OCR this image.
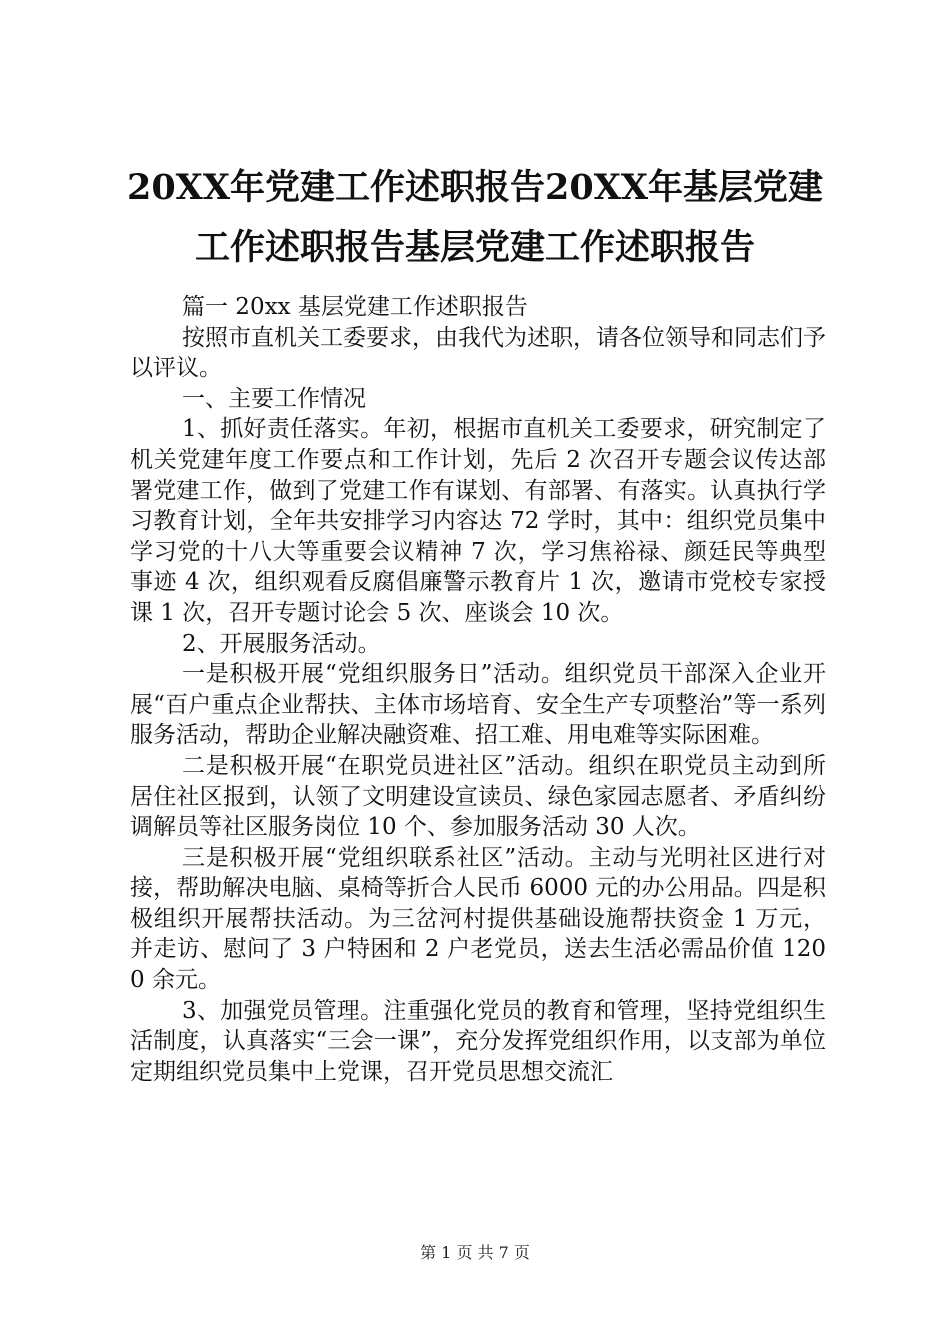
20XX年党建工作述职报告20XX年基层党建工作述职报告基层党建工作述职报告

篇一 20xx 基层党建工作述职报告

按照市直机关工委要求，由我代为述职，请各位领导和同志们予以评议。

一、主要工作情况

1、抓好责任落实。年初，根据市直机关工委要求，研究制定了机关党建年度工作要点和工作计划，先后 2 次召开专题会议传达部署党建工作，做到了党建工作有谋划、有部署、有落实。认真执行学习教育计划，全年共安排学习内容达 72 学时，其中：组织党员集中学习党的十八大等重要会议精神 7 次，学习焦裕禄、颜廷民等典型事迹 4 次，组织观看反腐倡廉警示教育片 1 次，邀请市党校专家授课 1 次，召开专题讨论会 5 次、座谈会 10 次。

2、开展服务活动。

一是积极开展“党组织服务日”活动。组织党员干部深入企业开展“百户重点企业帮扶、主体市场培育、安全生产专项整治”等一系列服务活动，帮助企业解决融资难、招工难、用电难等实际困难。

二是积极开展“在职党员进社区”活动。组织在职党员主动到所居住社区报到，认领了文明建设宣读员、绿色家园志愿者、矛盾纠纷调解员等社区服务岗位 10 个、参加服务活动 30 人次。

三是积极开展“党组织联系社区”活动。主动与光明社区进行对接，帮助解决电脑、桌椅等折合人民币 6000 元的办公用品。四是积极组织开展帮扶活动。为三岔河村提供基础设施帮扶资金 1 万元，并走访、慰问了 3 户特困和 2 户老党员，送去生活必需品价值 1200 余元。

3、加强党员管理。注重强化党员的教育和管理，坚持党组织生活制度，认真落实“三会一课”，充分发挥党组织作用，以支部为单位定期组织党员集中上党课，召开党员思想交流汇

第 1 页 共 7 页
